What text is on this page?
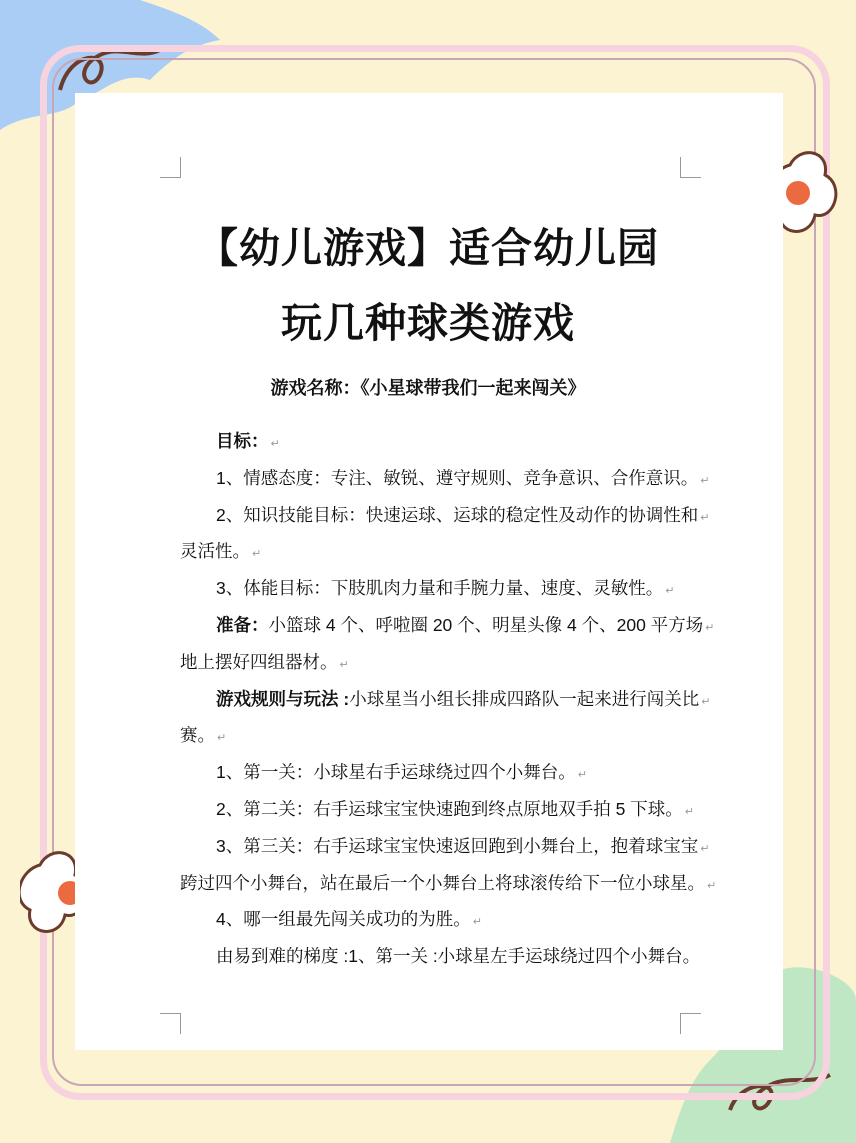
【幼儿游戏】适合幼儿园
玩几种球类游戏
游戏名称：《小星球带我们一起来闯关》
目标： ↵
1、情感态度：专注、敏锐、遵守规则、竞争意识、合作意识。 ↵
2、知识技能目标：快速运球、运球的稳定性及动作的协调性和 ↵
灵活性。 ↵
3、体能目标：下肢肌肉力量和手腕力量、速度、灵敏性。 ↵
准备：小篮球 4 个、呼啦圈 20 个、明星头像 4 个、200 平方场 ↵
地上摆好四组器材。 ↵
游戏规则与玩法 :小球星当小组长排成四路队一起来进行闯关比 ↵
赛。 ↵
1、第一关：小球星右手运球绕过四个小舞台。 ↵
2、第二关：右手运球宝宝快速跑到终点原地双手拍 5 下球。 ↵
3、第三关：右手运球宝宝快速返回跑到小舞台上，抱着球宝宝 ↵
跨过四个小舞台，站在最后一个小舞台上将球滚传给下一位小球星。 ↵
4、哪一组最先闯关成功的为胜。 ↵
由易到难的梯度 :1、第一关 :小球星左手运球绕过四个小舞台。
